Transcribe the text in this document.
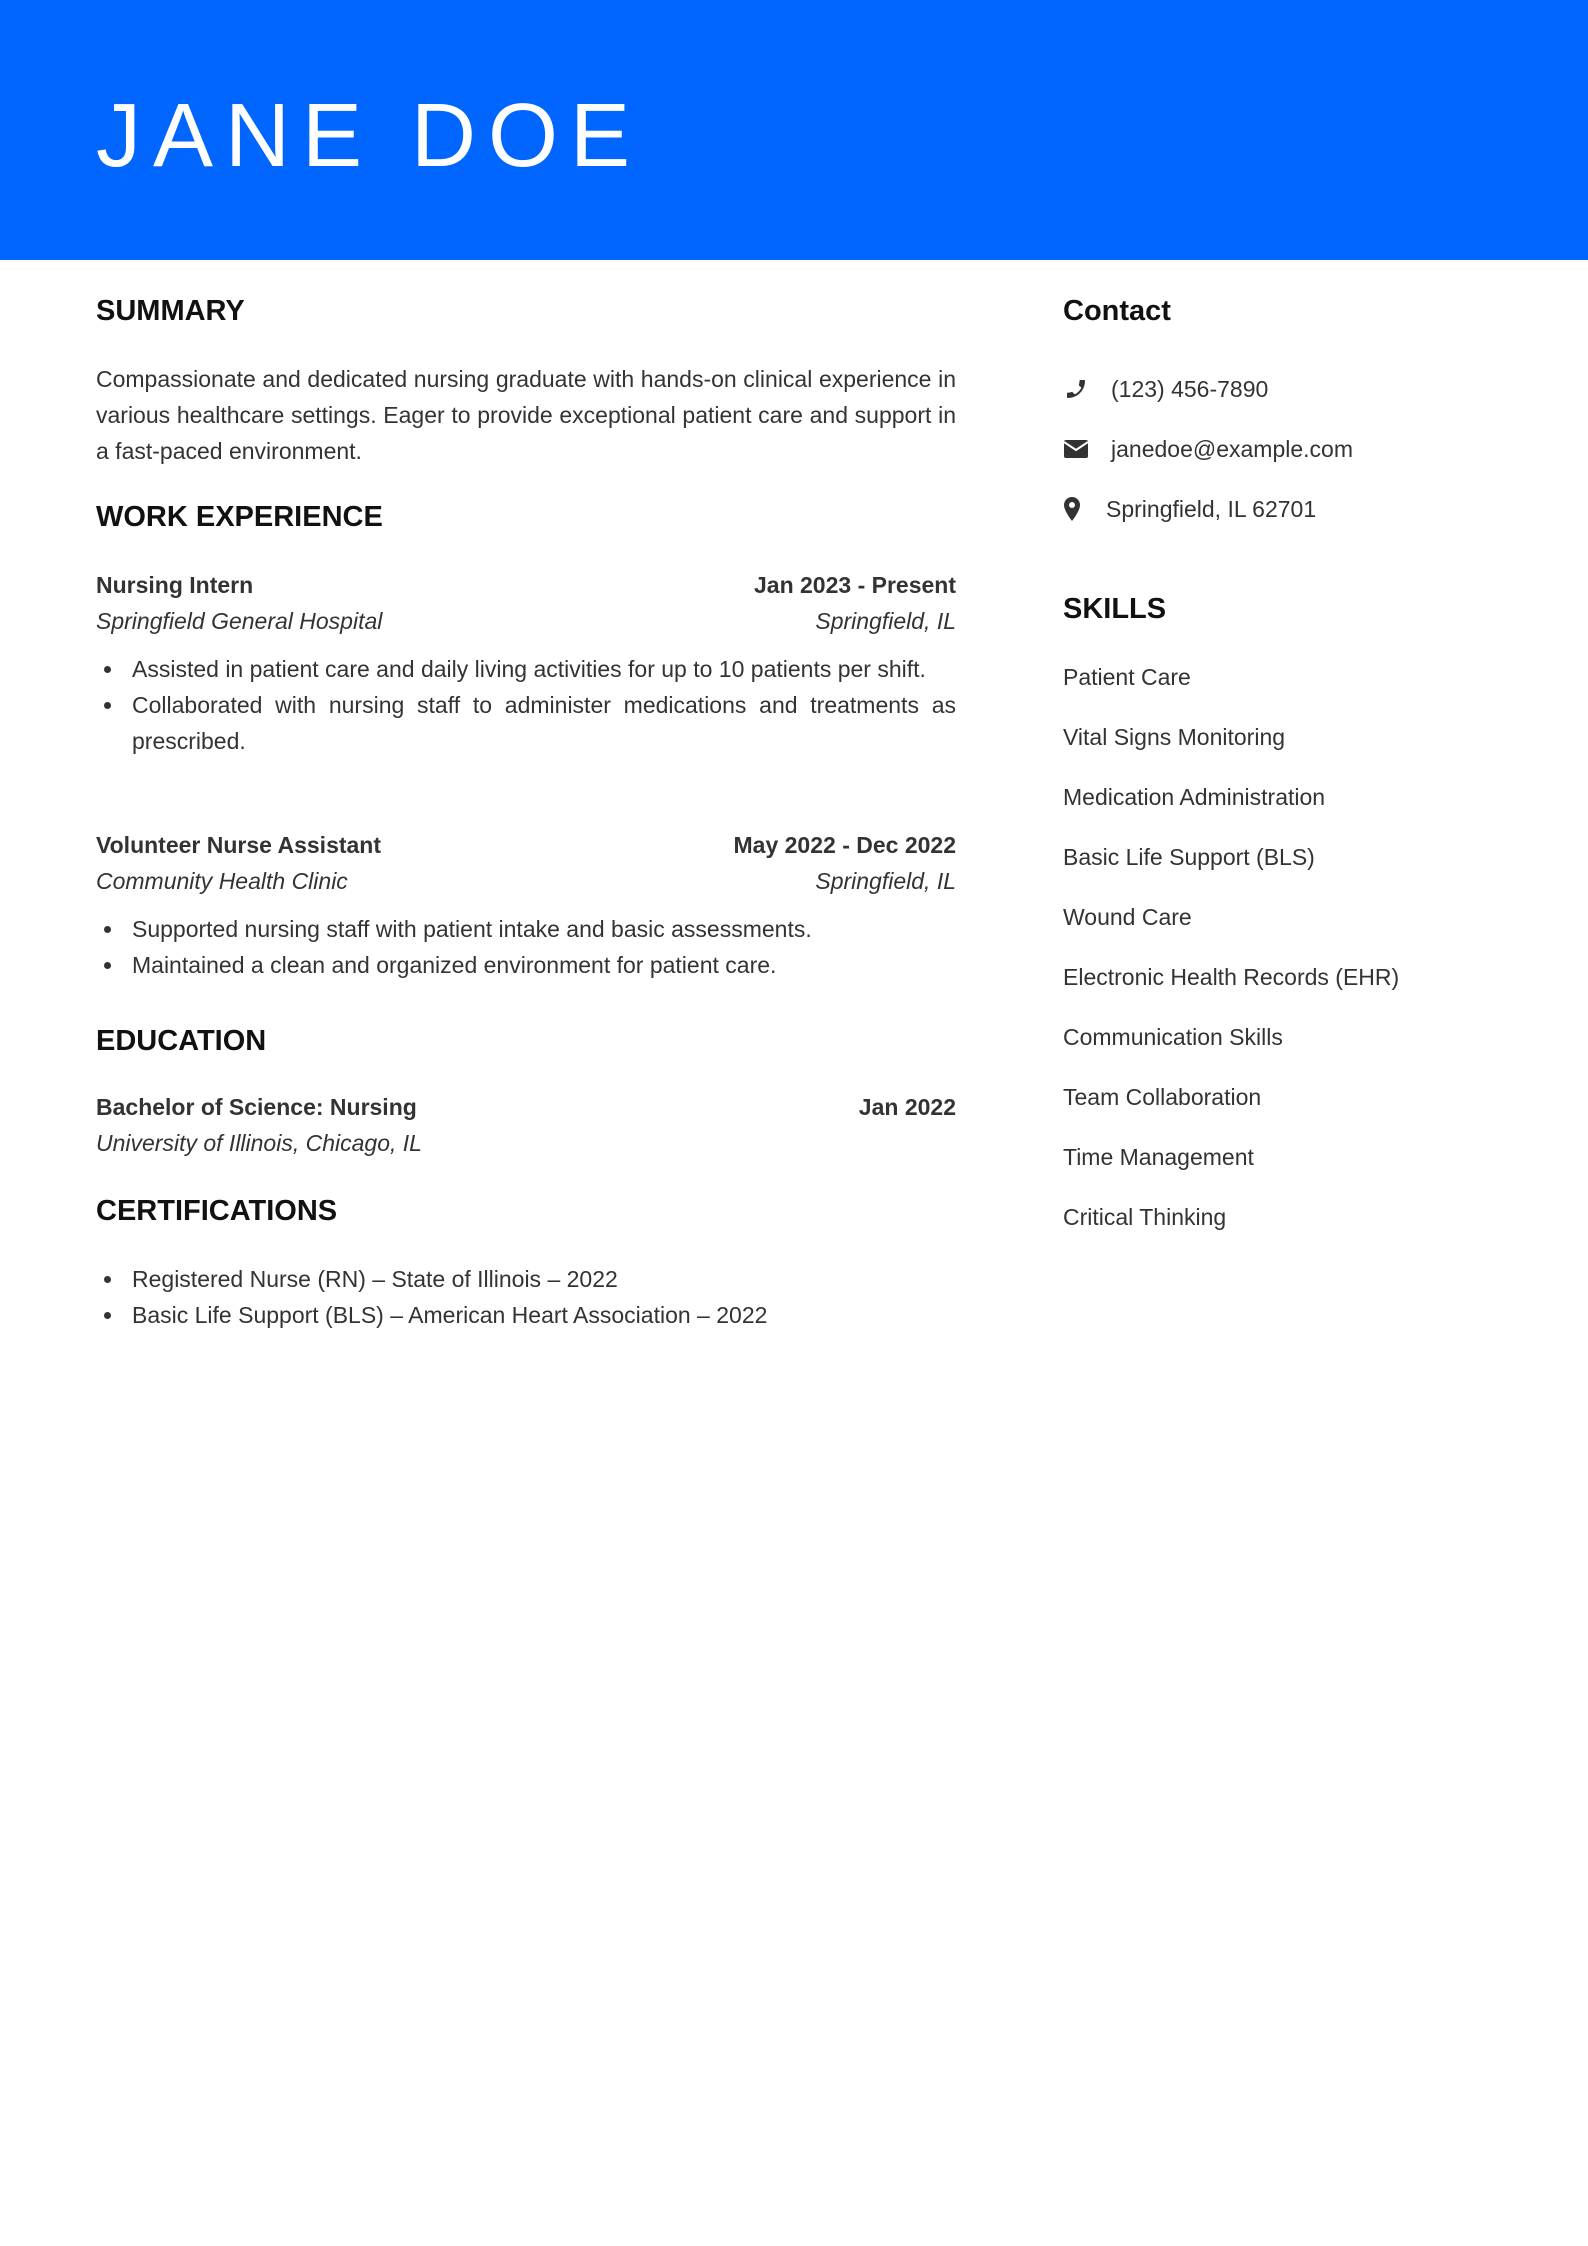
JANE DOE
SUMMARY

Compassionate and dedicated nursing graduate with hands-on clinical experience in various healthcare settings. Eager to provide exceptional patient care and support in a fast-paced environment.

WORK EXPERIENCE
Nursing Intern	Jan 2023 - Present
Springfield General Hospital	Springfield, IL
Assisted in patient care and daily living activities for up to 10 patients per shift.
Collaborated with nursing staff to administer medications and treatments as prescribed.
Volunteer Nurse Assistant	May 2022 - Dec 2022
Community Health Clinic	Springfield, IL
Supported nursing staff with patient intake and basic assessments.
Maintained a clean and organized environment for patient care.
EDUCATION
Bachelor of Science: Nursing	Jan 2022
University of Illinois, Chicago, IL
CERTIFICATIONS
Registered Nurse (RN) – State of Illinois – 2022
Basic Life Support (BLS) – American Heart Association – 2022
Contact
(123) 456-7890
janedoe@example.com
Springfield, IL 62701
SKILLS
Patient Care
Vital Signs Monitoring
Medication Administration
Basic Life Support (BLS)
Wound Care
Electronic Health Records (EHR)
Communication Skills
Team Collaboration
Time Management
Critical Thinking
